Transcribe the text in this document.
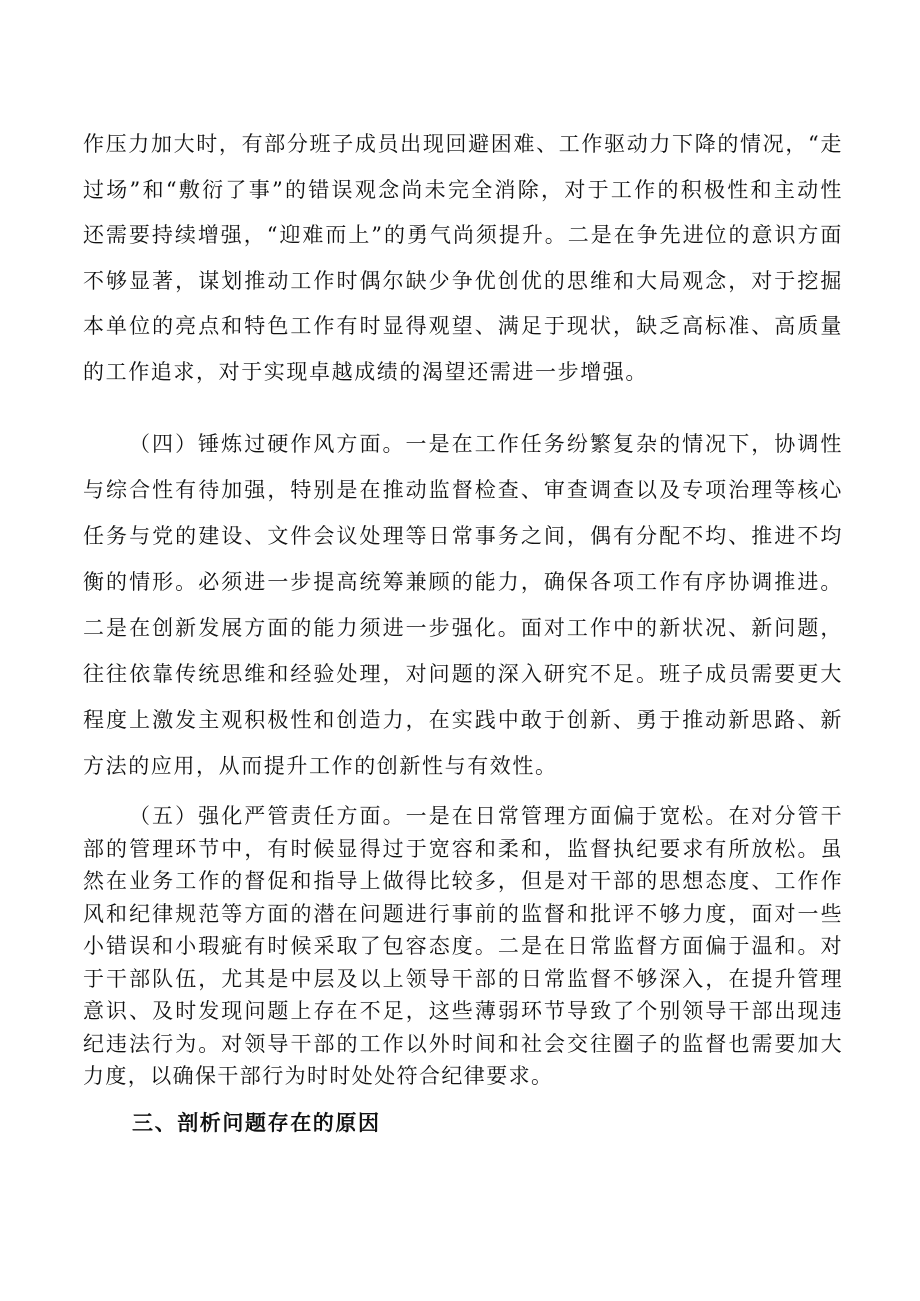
作压力加大时，有部分班子成员出现回避困难、工作驱动力下降的情况，“走过场”和“敷衍了事”的错误观念尚未完全消除，对于工作的积极性和主动性还需要持续增强，“迎难而上”的勇气尚须提升。二是在争先进位的意识方面不够显著，谋划推动工作时偶尔缺少争优创优的思维和大局观念，对于挖掘本单位的亮点和特色工作有时显得观望、满足于现状，缺乏高标准、高质量的工作追求，对于实现卓越成绩的渴望还需进一步增强。

（四）锤炼过硬作风方面。一是在工作任务纷繁复杂的情况下，协调性与综合性有待加强，特别是在推动监督检查、审查调查以及专项治理等核心任务与党的建设、文件会议处理等日常事务之间，偶有分配不均、推进不均衡的情形。必须进一步提高统筹兼顾的能力，确保各项工作有序协调推进。二是在创新发展方面的能力须进一步强化。面对工作中的新状况、新问题，往往依靠传统思维和经验处理，对问题的深入研究不足。班子成员需要更大程度上激发主观积极性和创造力，在实践中敢于创新、勇于推动新思路、新方法的应用，从而提升工作的创新性与有效性。

（五）强化严管责任方面。一是在日常管理方面偏于宽松。在对分管干部的管理环节中，有时候显得过于宽容和柔和，监督执纪要求有所放松。虽然在业务工作的督促和指导上做得比较多，但是对干部的思想态度、工作作风和纪律规范等方面的潜在问题进行事前的监督和批评不够力度，面对一些小错误和小瑕疵有时候采取了包容态度。二是在日常监督方面偏于温和。对于干部队伍，尤其是中层及以上领导干部的日常监督不够深入，在提升管理意识、及时发现问题上存在不足，这些薄弱环节导致了个别领导干部出现违纪违法行为。对领导干部的工作以外时间和社会交往圈子的监督也需要加大力度，以确保干部行为时时处处符合纪律要求。

三、剖析问题存在的原因
